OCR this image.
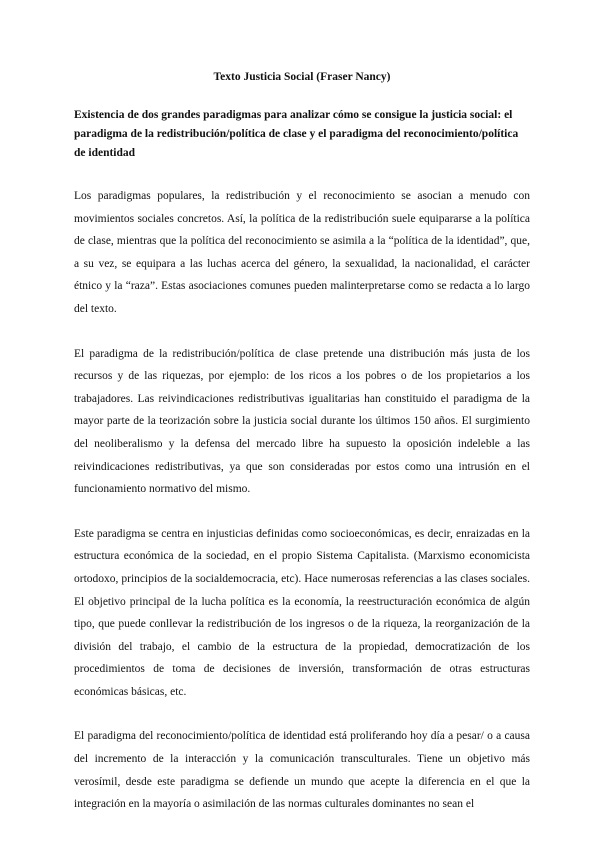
Texto Justicia Social (Fraser Nancy)
Existencia de dos grandes paradigmas para analizar cómo se consigue la justicia social: el paradigma de la redistribución/política de clase y el paradigma del reconocimiento/política de identidad

Los paradigmas populares, la redistribución y el reconocimiento se asocian a menudo con movimientos sociales concretos. Así, la política de la redistribución suele equipararse a la política de clase, mientras que la política del reconocimiento se asimila a la “política de la identidad”, que, a su vez, se equipara a las luchas acerca del género, la sexualidad, la nacionalidad, el carácter étnico y la “raza”. Estas asociaciones comunes pueden malinterpretarse como se redacta a lo largo del texto.

El paradigma de la redistribución/política de clase pretende una distribución más justa de los recursos y de las riquezas, por ejemplo: de los ricos a los pobres o de los propietarios a los trabajadores. Las reivindicaciones redistributivas igualitarias han constituido el paradigma de la mayor parte de la teorización sobre la justicia social durante los últimos 150 años. El surgimiento del neoliberalismo y la defensa del mercado libre ha supuesto la oposición indeleble a las reivindicaciones redistributivas, ya que son consideradas por estos como una intrusión en el funcionamiento normativo del mismo.

Este paradigma se centra en injusticias definidas como socioeconómicas, es decir, enraizadas en la estructura económica de la sociedad, en el propio Sistema Capitalista. (Marxismo economicista ortodoxo, principios de la socialdemocracia, etc). Hace numerosas referencias a las clases sociales. El objetivo principal de la lucha política es la economía, la reestructuración económica de algún tipo, que puede conllevar la redistribución de los ingresos o de la riqueza, la reorganización de la división del trabajo, el cambio de la estructura de la propiedad, democratización de los procedimientos de toma de decisiones de inversión, transformación de otras estructuras económicas básicas, etc.

El paradigma del reconocimiento/política de identidad está proliferando hoy día a pesar/ o a causa del incremento de la interacción y la comunicación transculturales. Tiene un objetivo más verosímil, desde este paradigma se defiende un mundo que acepte la diferencia en el que la integración en la mayoría o asimilación de las normas culturales dominantes no sean el
